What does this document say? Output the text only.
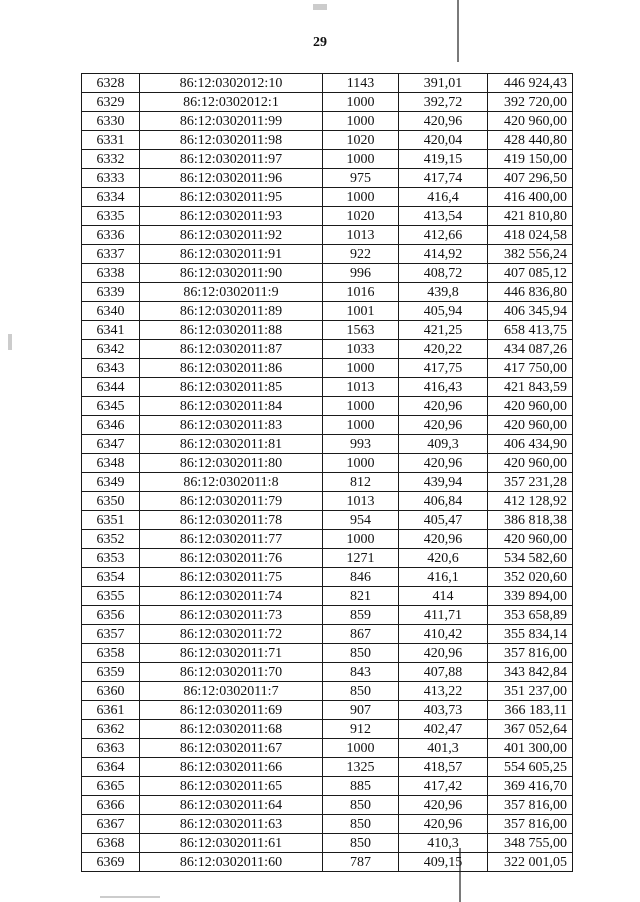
29
6328	86:12:0302012:10	1143	391,01	446 924,43
6329	86:12:0302012:1	1000	392,72	392 720,00
6330	86:12:0302011:99	1000	420,96	420 960,00
6331	86:12:0302011:98	1020	420,04	428 440,80
6332	86:12:0302011:97	1000	419,15	419 150,00
6333	86:12:0302011:96	975	417,74	407 296,50
6334	86:12:0302011:95	1000	416,4	416 400,00
6335	86:12:0302011:93	1020	413,54	421 810,80
6336	86:12:0302011:92	1013	412,66	418 024,58
6337	86:12:0302011:91	922	414,92	382 556,24
6338	86:12:0302011:90	996	408,72	407 085,12
6339	86:12:0302011:9	1016	439,8	446 836,80
6340	86:12:0302011:89	1001	405,94	406 345,94
6341	86:12:0302011:88	1563	421,25	658 413,75
6342	86:12:0302011:87	1033	420,22	434 087,26
6343	86:12:0302011:86	1000	417,75	417 750,00
6344	86:12:0302011:85	1013	416,43	421 843,59
6345	86:12:0302011:84	1000	420,96	420 960,00
6346	86:12:0302011:83	1000	420,96	420 960,00
6347	86:12:0302011:81	993	409,3	406 434,90
6348	86:12:0302011:80	1000	420,96	420 960,00
6349	86:12:0302011:8	812	439,94	357 231,28
6350	86:12:0302011:79	1013	406,84	412 128,92
6351	86:12:0302011:78	954	405,47	386 818,38
6352	86:12:0302011:77	1000	420,96	420 960,00
6353	86:12:0302011:76	1271	420,6	534 582,60
6354	86:12:0302011:75	846	416,1	352 020,60
6355	86:12:0302011:74	821	414	339 894,00
6356	86:12:0302011:73	859	411,71	353 658,89
6357	86:12:0302011:72	867	410,42	355 834,14
6358	86:12:0302011:71	850	420,96	357 816,00
6359	86:12:0302011:70	843	407,88	343 842,84
6360	86:12:0302011:7	850	413,22	351 237,00
6361	86:12:0302011:69	907	403,73	366 183,11
6362	86:12:0302011:68	912	402,47	367 052,64
6363	86:12:0302011:67	1000	401,3	401 300,00
6364	86:12:0302011:66	1325	418,57	554 605,25
6365	86:12:0302011:65	885	417,42	369 416,70
6366	86:12:0302011:64	850	420,96	357 816,00
6367	86:12:0302011:63	850	420,96	357 816,00
6368	86:12:0302011:61	850	410,3	348 755,00
6369	86:12:0302011:60	787	409,15	322 001,05
